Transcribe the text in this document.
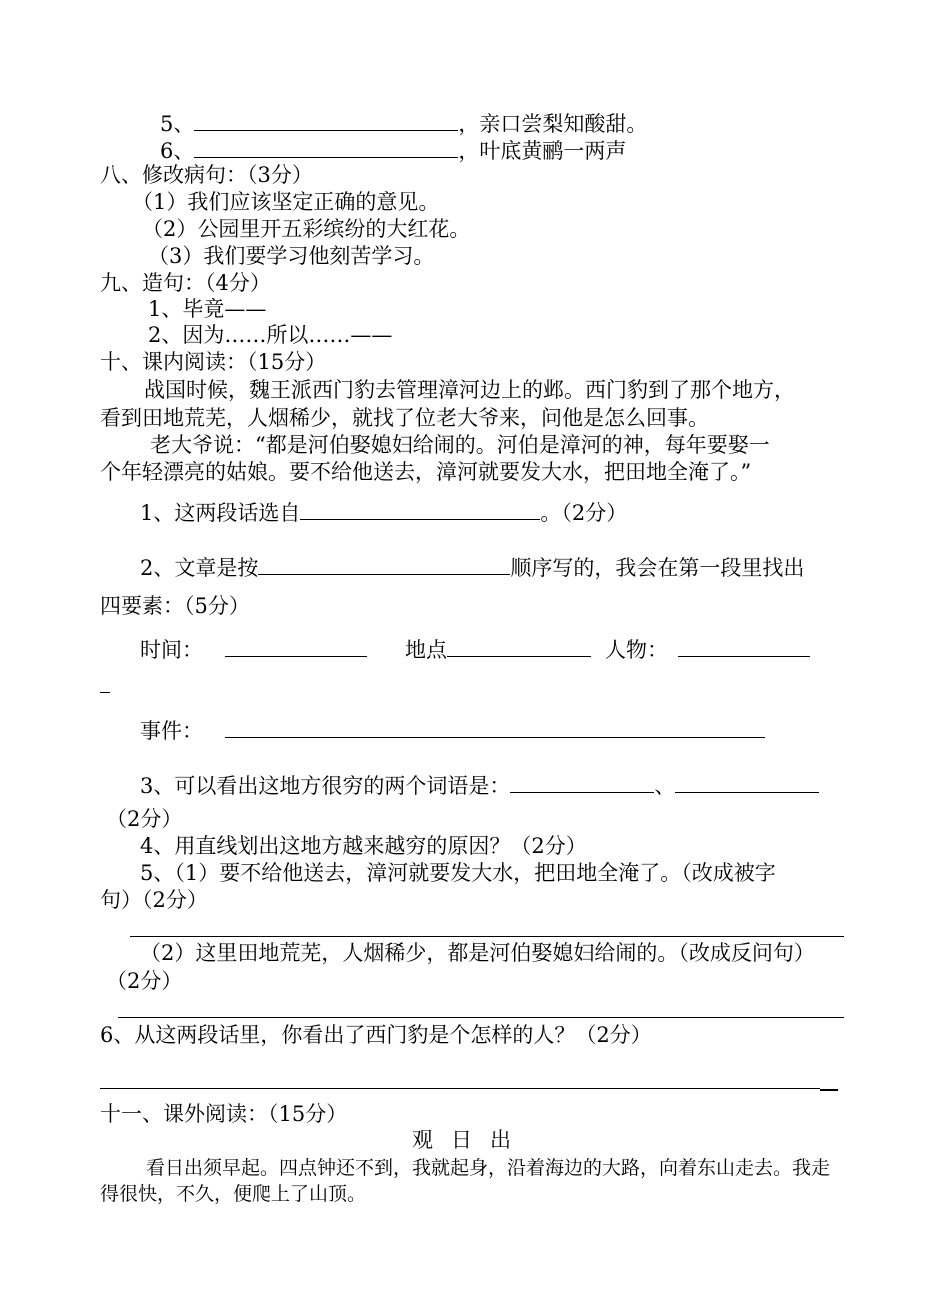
5、	，亲口尝梨知酸甜。
6、	，叶底黄鹂一两声
八、修改病句：（3分）
（1）我们应该坚定正确的意见。
（2）公园里开五彩缤纷的大红花。
（3）我们要学习他刻苦学习。
九、造句：（4分）
1、毕竟——
2、因为……所以……——
十、课内阅读：（15分）
战国时候，魏王派西门豹去管理漳河边上的邺。西门豹到了那个地方，
看到田地荒芜，人烟稀少，就找了位老大爷来，问他是怎么回事。
老大爷说：“都是河伯娶媳妇给闹的。河伯是漳河的神，每年要娶一
个年轻漂亮的姑娘。要不给他送去，漳河就要发大水，把田地全淹了。”
1、这两段话选自	。（2分）
2、文章是按	顺序写的，我会在第一段里找出
四要素：（5分）
时间：	地点	人物：
事件：
3、可以看出这地方很穷的两个词语是：	、
（2分）
4、用直线划出这地方越来越穷的原因？（2分）
5、（1）要不给他送去，漳河就要发大水，把田地全淹了。（改成被字
句）（2分）
（2）这里田地荒芜，人烟稀少，都是河伯娶媳妇给闹的。（改成反问句）
（2分）
6、从这两段话里，你看出了西门豹是个怎样的人？（2分）
十一、课外阅读：（15分）
观日出
看日出须早起。四点钟还不到，我就起身，沿着海边的大路，向着东山走去。我走
得很快，不久，便爬上了山顶。
